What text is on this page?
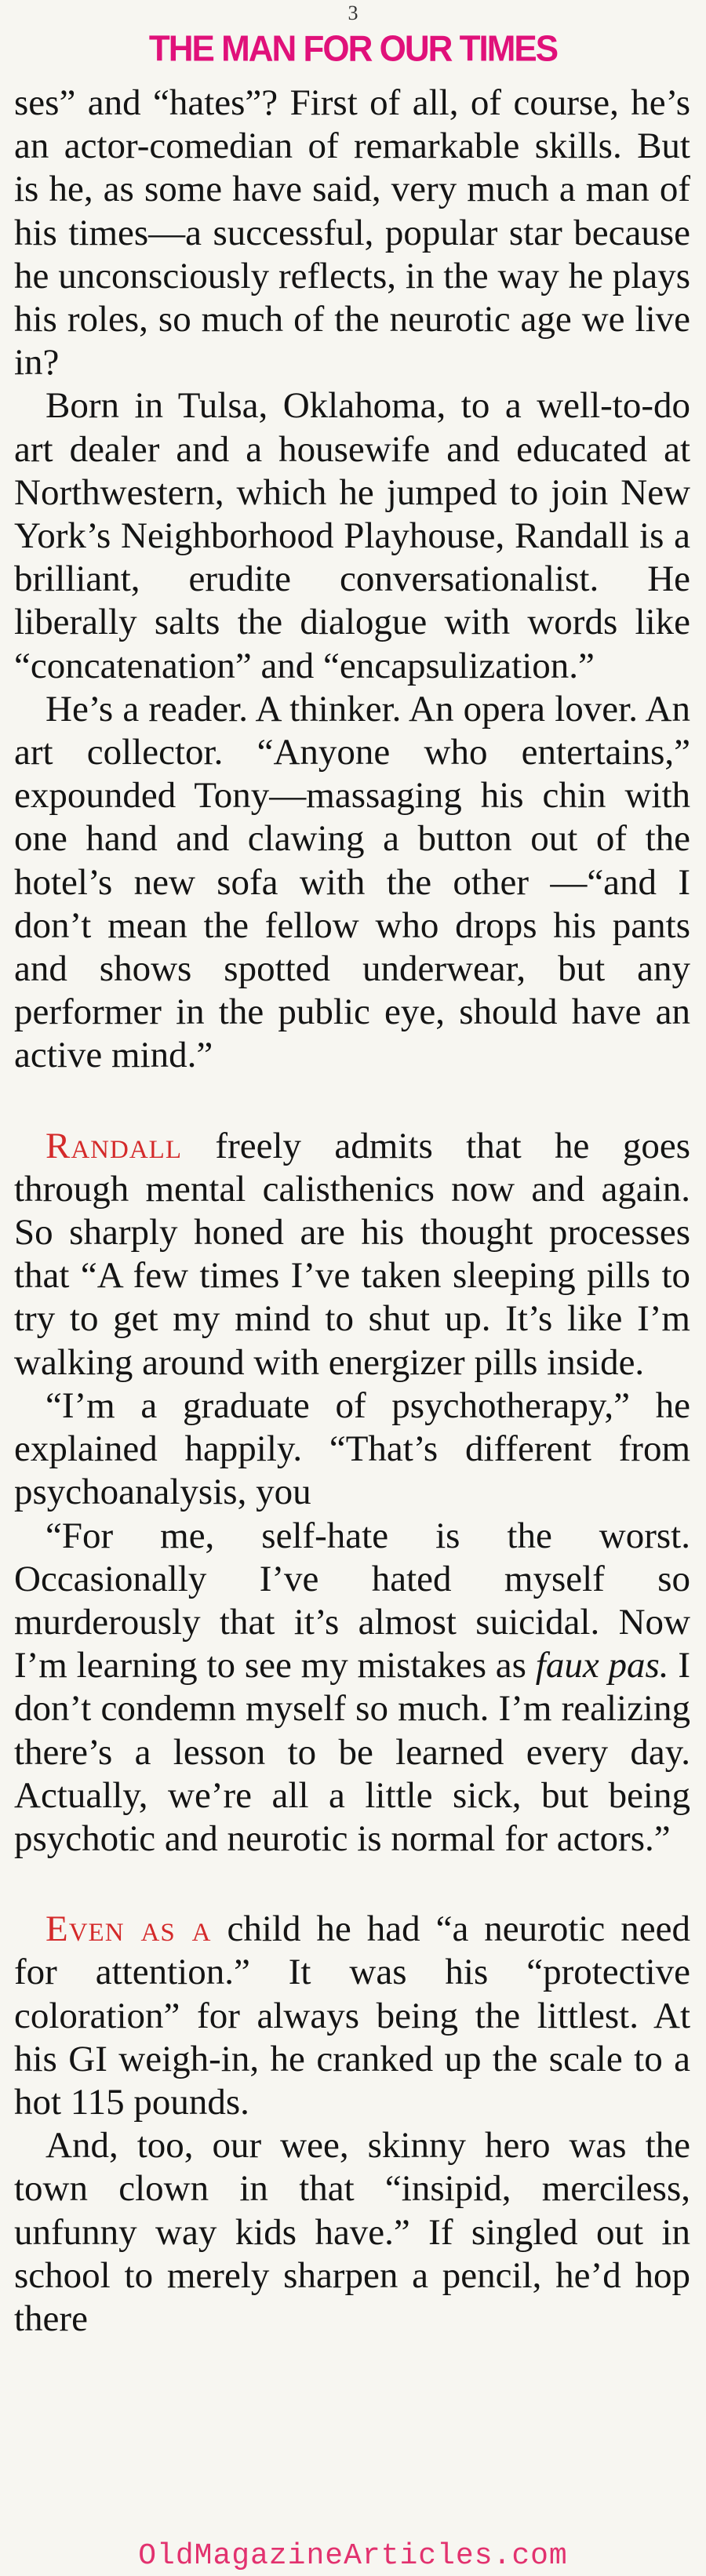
3
THE MAN FOR OUR TIMES

ses” and “hates”? First of all, of course, he’s an actor-comedian of remarkable skills. But is he, as some have said, very much a man of his times—a successful, popular star because he unconsciously reflects, in the way he plays his roles, so much of the neurotic age we live in?

Born in Tulsa, Oklahoma, to a well-to-do art dealer and a housewife and educated at Northwestern, which he jumped to join New York’s Neighborhood Playhouse, Randall is a brilliant, erudite conversationalist. He liberally salts the dialogue with words like “concatenation” and “encapsulization.”

He’s a reader. A thinker. An opera lover. An art collector. “Anyone who entertains,” expounded Tony—massaging his chin with one hand and clawing a button out of the hotel’s new sofa with the other —“and I don’t mean the fellow who drops his pants and shows spotted underwear, but any performer in the public eye, should have an active mind.”

Randall freely admits that he goes through mental calisthenics now and again. So sharply honed are his thought processes that “A few times I’ve taken sleeping pills to try to get my mind to shut up. It’s like I’m walking around with energizer pills inside.

“I’m a graduate of psychotherapy,” he explained happily. “That’s different from psychoanalysis, you

“For me, self-hate is the worst. Occasionally I’ve hated myself so murderously that it’s almost suicidal. Now I’m learning to see my mistakes as faux pas. I don’t condemn myself so much. I’m realizing there’s a lesson to be learned every day. Actually, we’re all a little sick, but being psychotic and neurotic is normal for actors.”

Even as a child he had “a neurotic need for attention.” It was his “protective coloration” for always being the littlest. At his GI weigh-in, he cranked up the scale to a hot 115 pounds.

And, too, our wee, skinny hero was the town clown in that “insipid, merciless, unfunny way kids have.” If singled out in school to merely sharpen a pencil, he’d hop there

OldMagazineArticles.com
